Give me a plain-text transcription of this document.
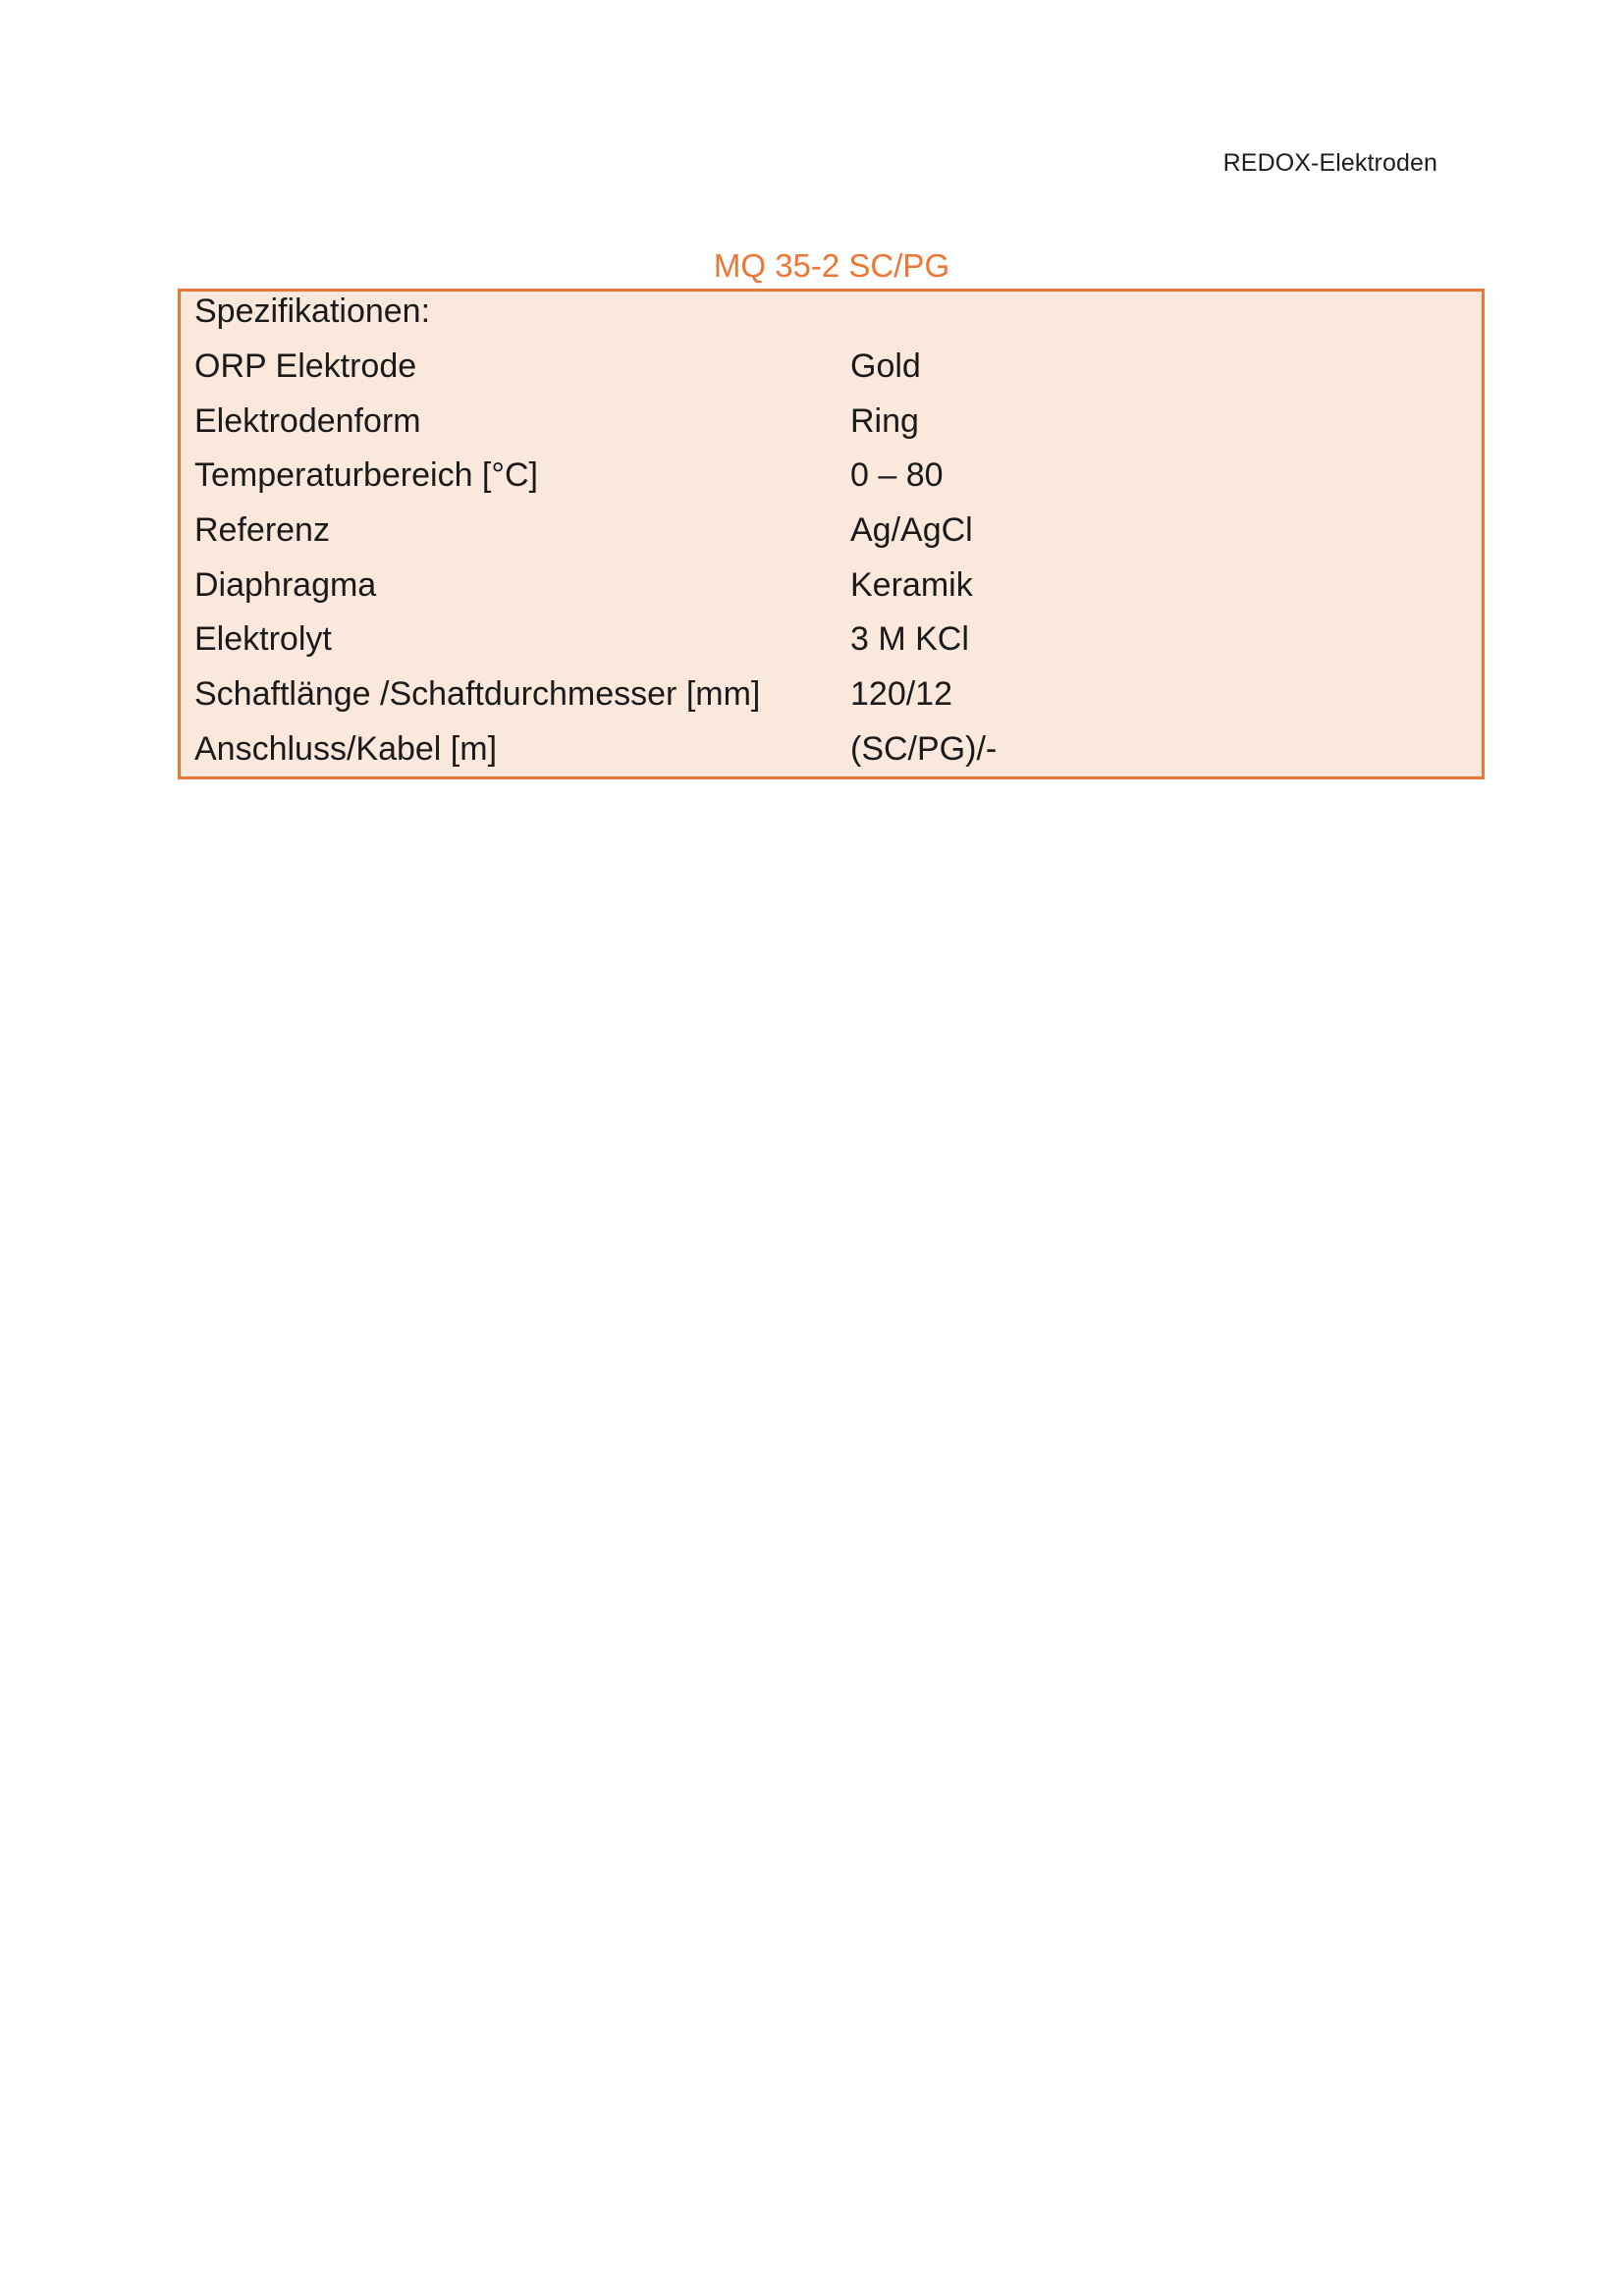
REDOX-Elektroden
MQ 35-2 SC/PG
Spezifikationen:
ORP Elektrode	Gold
Elektrodenform	Ring
Temperaturbereich [°C]	0 – 80
Referenz	Ag/AgCl
Diaphragma	Keramik
Elektrolyt	3 M KCl
Schaftlänge /Schaftdurchmesser [mm]	120/12
Anschluss/Kabel [m]	(SC/PG)/-
